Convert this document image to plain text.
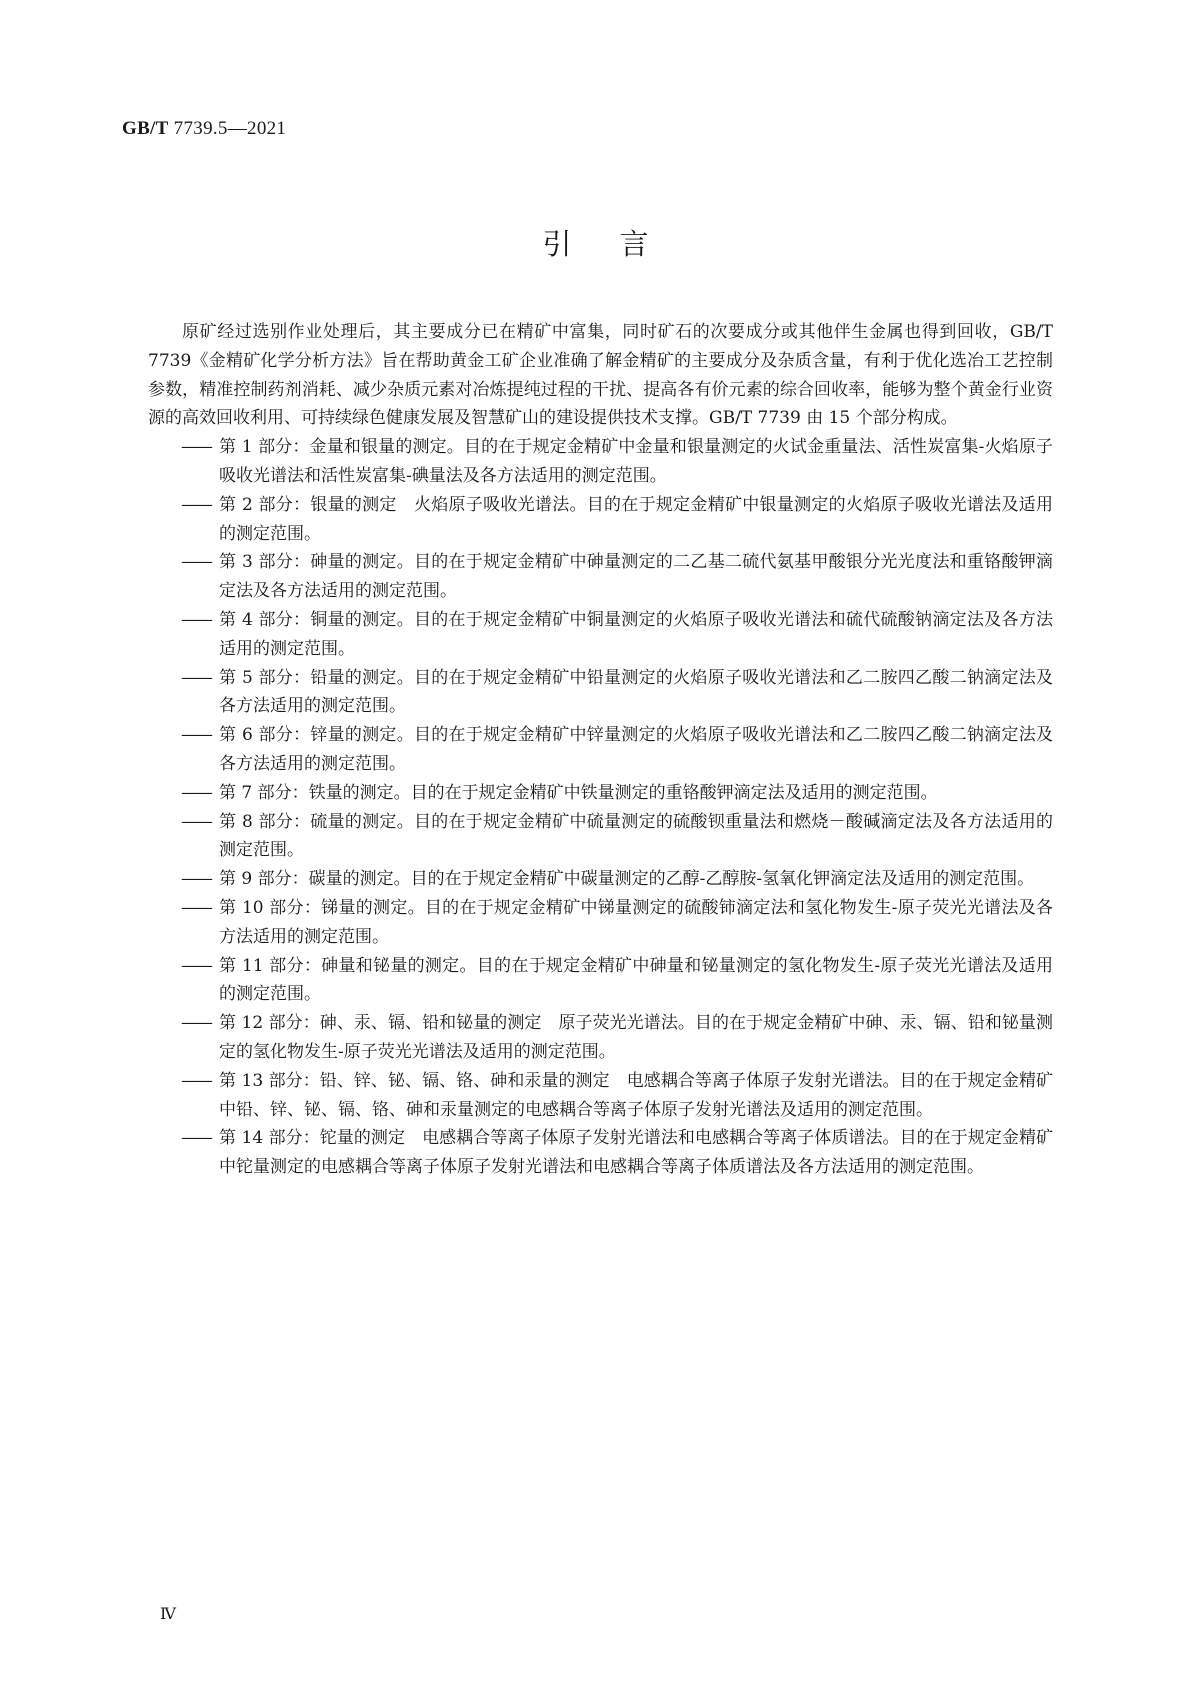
GB/T 7739.5—2021
引言

原矿经过选别作业处理后，其主要成分已在精矿中富集，同时矿石的次要成分或其他伴生金属也得到回收，GB/T 7739《金精矿化学分析方法》旨在帮助黄金工矿企业准确了解金精矿的主要成分及杂质含量，有利于优化选冶工艺控制参数，精准控制药剂消耗、减少杂质元素对冶炼提纯过程的干扰、提高各有价元素的综合回收率，能够为整个黄金行业资源的高效回收利用、可持续绿色健康发展及智慧矿山的建设提供技术支撑。GB/T 7739 由 15 个部分构成。

—— 第 1 部分：金量和银量的测定。目的在于规定金精矿中金量和银量测定的火试金重量法、活性炭富集-火焰原子吸收光谱法和活性炭富集-碘量法及各方法适用的测定范围。
—— 第 2 部分：银量的测定　火焰原子吸收光谱法。目的在于规定金精矿中银量测定的火焰原子吸收光谱法及适用的测定范围。
—— 第 3 部分：砷量的测定。目的在于规定金精矿中砷量测定的二乙基二硫代氨基甲酸银分光光度法和重铬酸钾滴定法及各方法适用的测定范围。
—— 第 4 部分：铜量的测定。目的在于规定金精矿中铜量测定的火焰原子吸收光谱法和硫代硫酸钠滴定法及各方法适用的测定范围。
—— 第 5 部分：铅量的测定。目的在于规定金精矿中铅量测定的火焰原子吸收光谱法和乙二胺四乙酸二钠滴定法及各方法适用的测定范围。
—— 第 6 部分：锌量的测定。目的在于规定金精矿中锌量测定的火焰原子吸收光谱法和乙二胺四乙酸二钠滴定法及各方法适用的测定范围。
—— 第 7 部分：铁量的测定。目的在于规定金精矿中铁量测定的重铬酸钾滴定法及适用的测定范围。
—— 第 8 部分：硫量的测定。目的在于规定金精矿中硫量测定的硫酸钡重量法和燃烧－酸碱滴定法及各方法适用的测定范围。
—— 第 9 部分：碳量的测定。目的在于规定金精矿中碳量测定的乙醇-乙醇胺-氢氧化钾滴定法及适用的测定范围。
—— 第 10 部分：锑量的测定。目的在于规定金精矿中锑量测定的硫酸铈滴定法和氢化物发生-原子荧光光谱法及各方法适用的测定范围。
—— 第 11 部分：砷量和铋量的测定。目的在于规定金精矿中砷量和铋量测定的氢化物发生-原子荧光光谱法及适用的测定范围。
—— 第 12 部分：砷、汞、镉、铅和铋量的测定　原子荧光光谱法。目的在于规定金精矿中砷、汞、镉、铅和铋量测定的氢化物发生-原子荧光光谱法及适用的测定范围。
—— 第 13 部分：铅、锌、铋、镉、铬、砷和汞量的测定　电感耦合等离子体原子发射光谱法。目的在于规定金精矿中铅、锌、铋、镉、铬、砷和汞量测定的电感耦合等离子体原子发射光谱法及适用的测定范围。
—— 第 14 部分：铊量的测定　电感耦合等离子体原子发射光谱法和电感耦合等离子体质谱法。目的在于规定金精矿中铊量测定的电感耦合等离子体原子发射光谱法和电感耦合等离子体质谱法及各方法适用的测定范围。
Ⅳ
